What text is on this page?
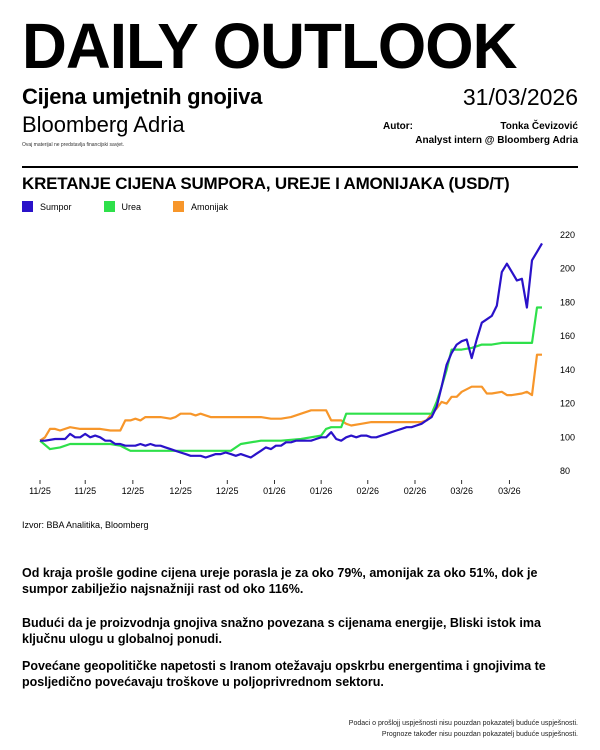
DAILY OUTLOOK
Cijena umjetnih gnojiva	31/03/2026
Bloomberg Adria
Ovaj materijal ne predstavlja financijski savjet.
Autor:	Tonka Čevizović
Analyst intern @ Bloomberg Adria
KRETANJE CIJENA SUMPORA, UREJE I AMONIJAKA (USD/T)
Sumpor	Urea	Amonijak
80
100
120
140
160
180
200
220
11/25	11/25	12/25	12/25	12/25	01/26	01/26	02/26	02/26	03/26	03/26
Izvor: BBA Analitika, Bloomberg
Od kraja prošle godine cijena ureje porasla je za oko 79%, amonijak za oko 51%, dok je sumpor zabilježio najsnažniji rast od oko 116%.
Budući da je proizvodnja gnojiva snažno povezana s cijenama energije, Bliski istok ima ključnu ulogu u globalnoj ponudi.
Povećane geopolitičke napetosti s Iranom otežavaju opskrbu energentima i gnojivima te posljedično povećavaju troškove u poljoprivrednom sektoru.
Podaci o prošlojj uspješnosti nisu pouzdan pokazatelj buduće uspješnosti.
Prognoze također nisu pouzdan pokazatelj buduće uspješnosti.
